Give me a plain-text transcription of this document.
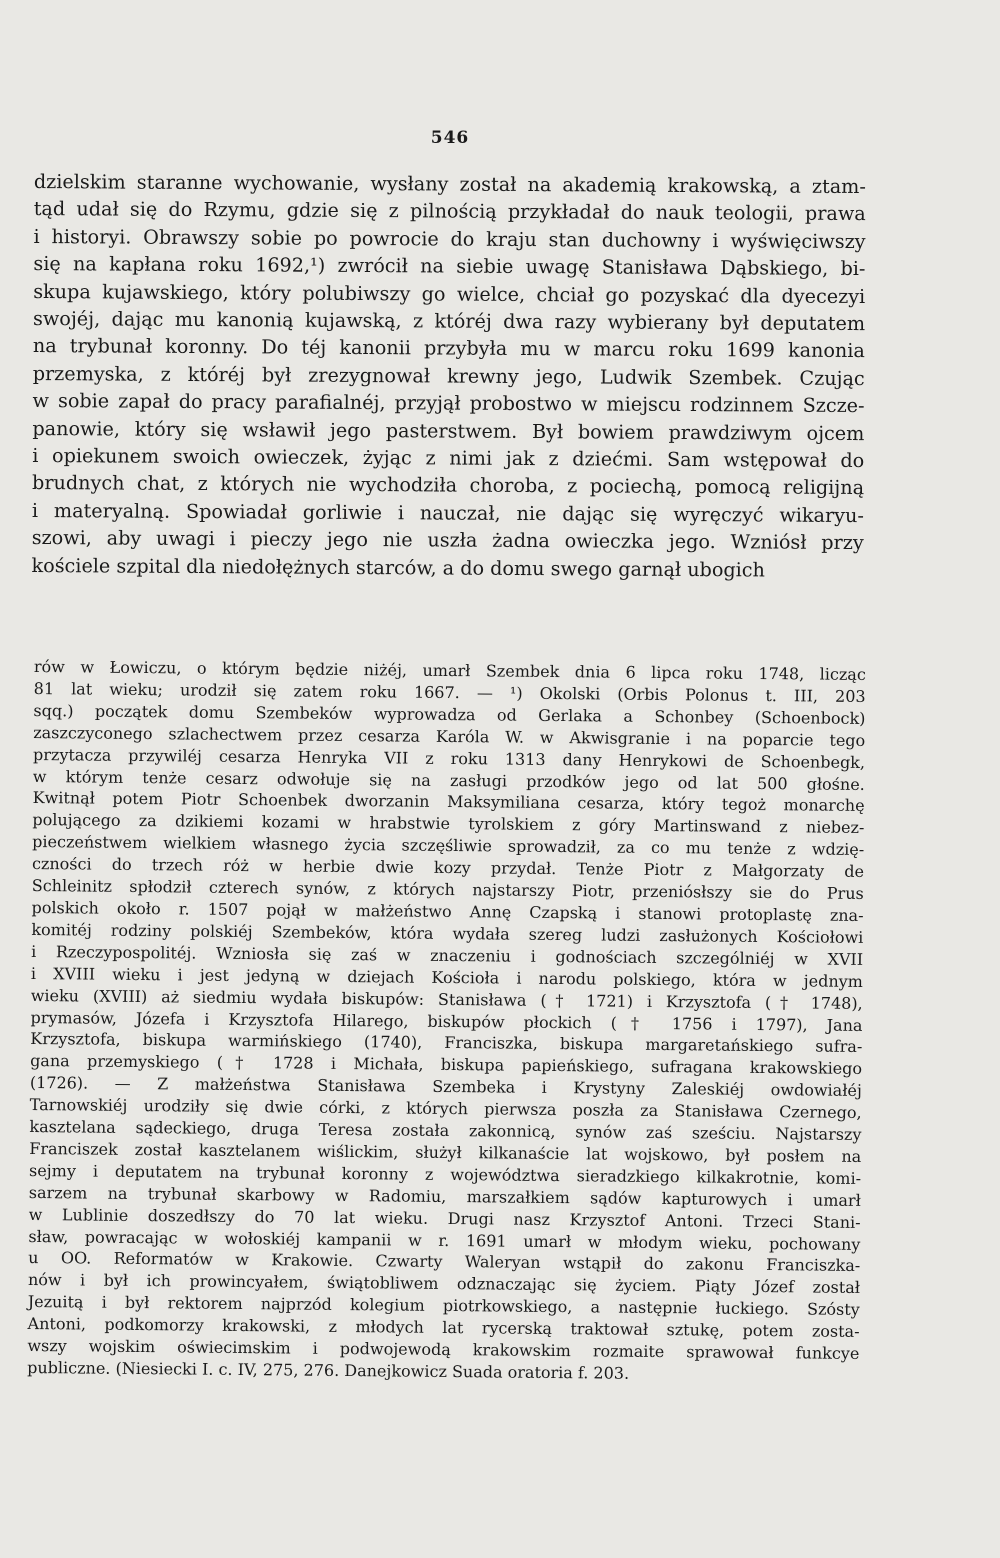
546
dzielskim staranne wychowanie, wysłany został na akademią krakowską, a ztam-
tąd udał się do Rzymu, gdzie się z pilnością przykładał do nauk teologii, prawa
i historyi. Obrawszy sobie po powrocie do kraju stan duchowny i wyświęciwszy
się na kapłana roku 1692,¹) zwrócił na siebie uwagę Stanisława Dąbskiego, bi-
skupa kujawskiego, który polubiwszy go wielce, chciał go pozyskać dla dyecezyi
swojéj, dając mu kanonią kujawską, z któréj dwa razy wybierany był deputatem
na trybunał koronny. Do téj kanonii przybyła mu w marcu roku 1699 kanonia
przemyska, z któréj był zrezygnował krewny jego, Ludwik Szembek. Czując
w sobie zapał do pracy parafialnéj, przyjął probostwo w miejscu rodzinnem Szcze-
panowie, który się wsławił jego pasterstwem. Był bowiem prawdziwym ojcem
i opiekunem swoich owieczek, żyjąc z nimi jak z dziećmi. Sam wstępował do
brudnych chat, z których nie wychodziła choroba, z pociechą, pomocą religijną
i materyalną. Spowiadał gorliwie i nauczał, nie dając się wyręczyć wikaryu-
szowi, aby uwagi i pieczy jego nie uszła żadna owieczka jego. Wzniósł przy
kościele szpital dla niedołężnych starców, a do domu swego garnął ubogich
rów w Łowiczu, o którym będzie niżéj, umarł Szembek dnia 6 lipca roku 1748, licząc
81 lat wieku; urodził się zatem roku 1667. — ¹) Okolski (Orbis Polonus t. III, 203
sqq.) początek domu Szembeków wyprowadza od Gerlaka a Schonbey (Schoenbock)
zaszczyconego szlachectwem przez cesarza Karóla W. w Akwisgranie i na poparcie tego
przytacza przywiléj cesarza Henryka VII z roku 1313 dany Henrykowi de Schoenbegk,
w którym tenże cesarz odwołuje się na zasługi przodków jego od lat 500 głośne.
Kwitnął potem Piotr Schoenbek dworzanin Maksymiliana cesarza, który tegoż monarchę
polującego za dzikiemi kozami w hrabstwie tyrolskiem z góry Martinswand z niebez-
pieczeństwem wielkiem własnego życia szczęśliwie sprowadził, za co mu tenże z wdzię-
czności do trzech róż w herbie dwie kozy przydał. Tenże Piotr z Małgorzaty de
Schleinitz spłodził czterech synów, z których najstarszy Piotr, przeniósłszy sie do Prus
polskich około r. 1507 pojął w małżeństwo Annę Czapską i stanowi protoplastę zna-
komitéj rodziny polskiéj Szembeków, która wydała szereg ludzi zasłużonych Kościołowi
i Rzeczypospolitéj. Wzniosła się zaś w znaczeniu i godnościach szczególniéj w XVII
i XVIII wieku i jest jedyną w dziejach Kościoła i narodu polskiego, która w jednym
wieku (XVIII) aż siedmiu wydała biskupów: Stanisława († 1721) i Krzysztofa († 1748),
prymasów, Józefa i Krzysztofa Hilarego, biskupów płockich († 1756 i 1797), Jana
Krzysztofa, biskupa warmińskiego (1740), Franciszka, biskupa margaretańskiego sufra-
gana przemyskiego († 1728 i Michała, biskupa papieńskiego, sufragana krakowskiego
(1726). — Z małżeństwa Stanisława Szembeka i Krystyny Zaleskiéj owdowiałéj
Tarnowskiéj urodziły się dwie córki, z których pierwsza poszła za Stanisława Czernego,
kasztelana sądeckiego, druga Teresa została zakonnicą, synów zaś sześciu. Najstarszy
Franciszek został kasztelanem wiślickim, służył kilkanaście lat wojskowo, był posłem na
sejmy i deputatem na trybunał koronny z województwa sieradzkiego kilkakrotnie, komi-
sarzem na trybunał skarbowy w Radomiu, marszałkiem sądów kapturowych i umarł
w Lublinie doszedłszy do 70 lat wieku. Drugi nasz Krzysztof Antoni. Trzeci Stani-
sław, powracając w wołoskiéj kampanii w r. 1691 umarł w młodym wieku, pochowany
u OO. Reformatów w Krakowie. Czwarty Waleryan wstąpił do zakonu Franciszka-
nów i był ich prowincyałem, świątobliwem odznaczając się życiem. Piąty Józef został
Jezuitą i był rektorem najprzód kolegium piotrkowskiego, a następnie łuckiego. Szósty
Antoni, podkomorzy krakowski, z młodych lat rycerską traktował sztukę, potem zosta-
wszy wojskim oświecimskim i podwojewodą krakowskim rozmaite sprawował funkcye
publiczne. (Niesiecki I. c. IV, 275, 276. Danejkowicz Suada oratoria f. 203.
